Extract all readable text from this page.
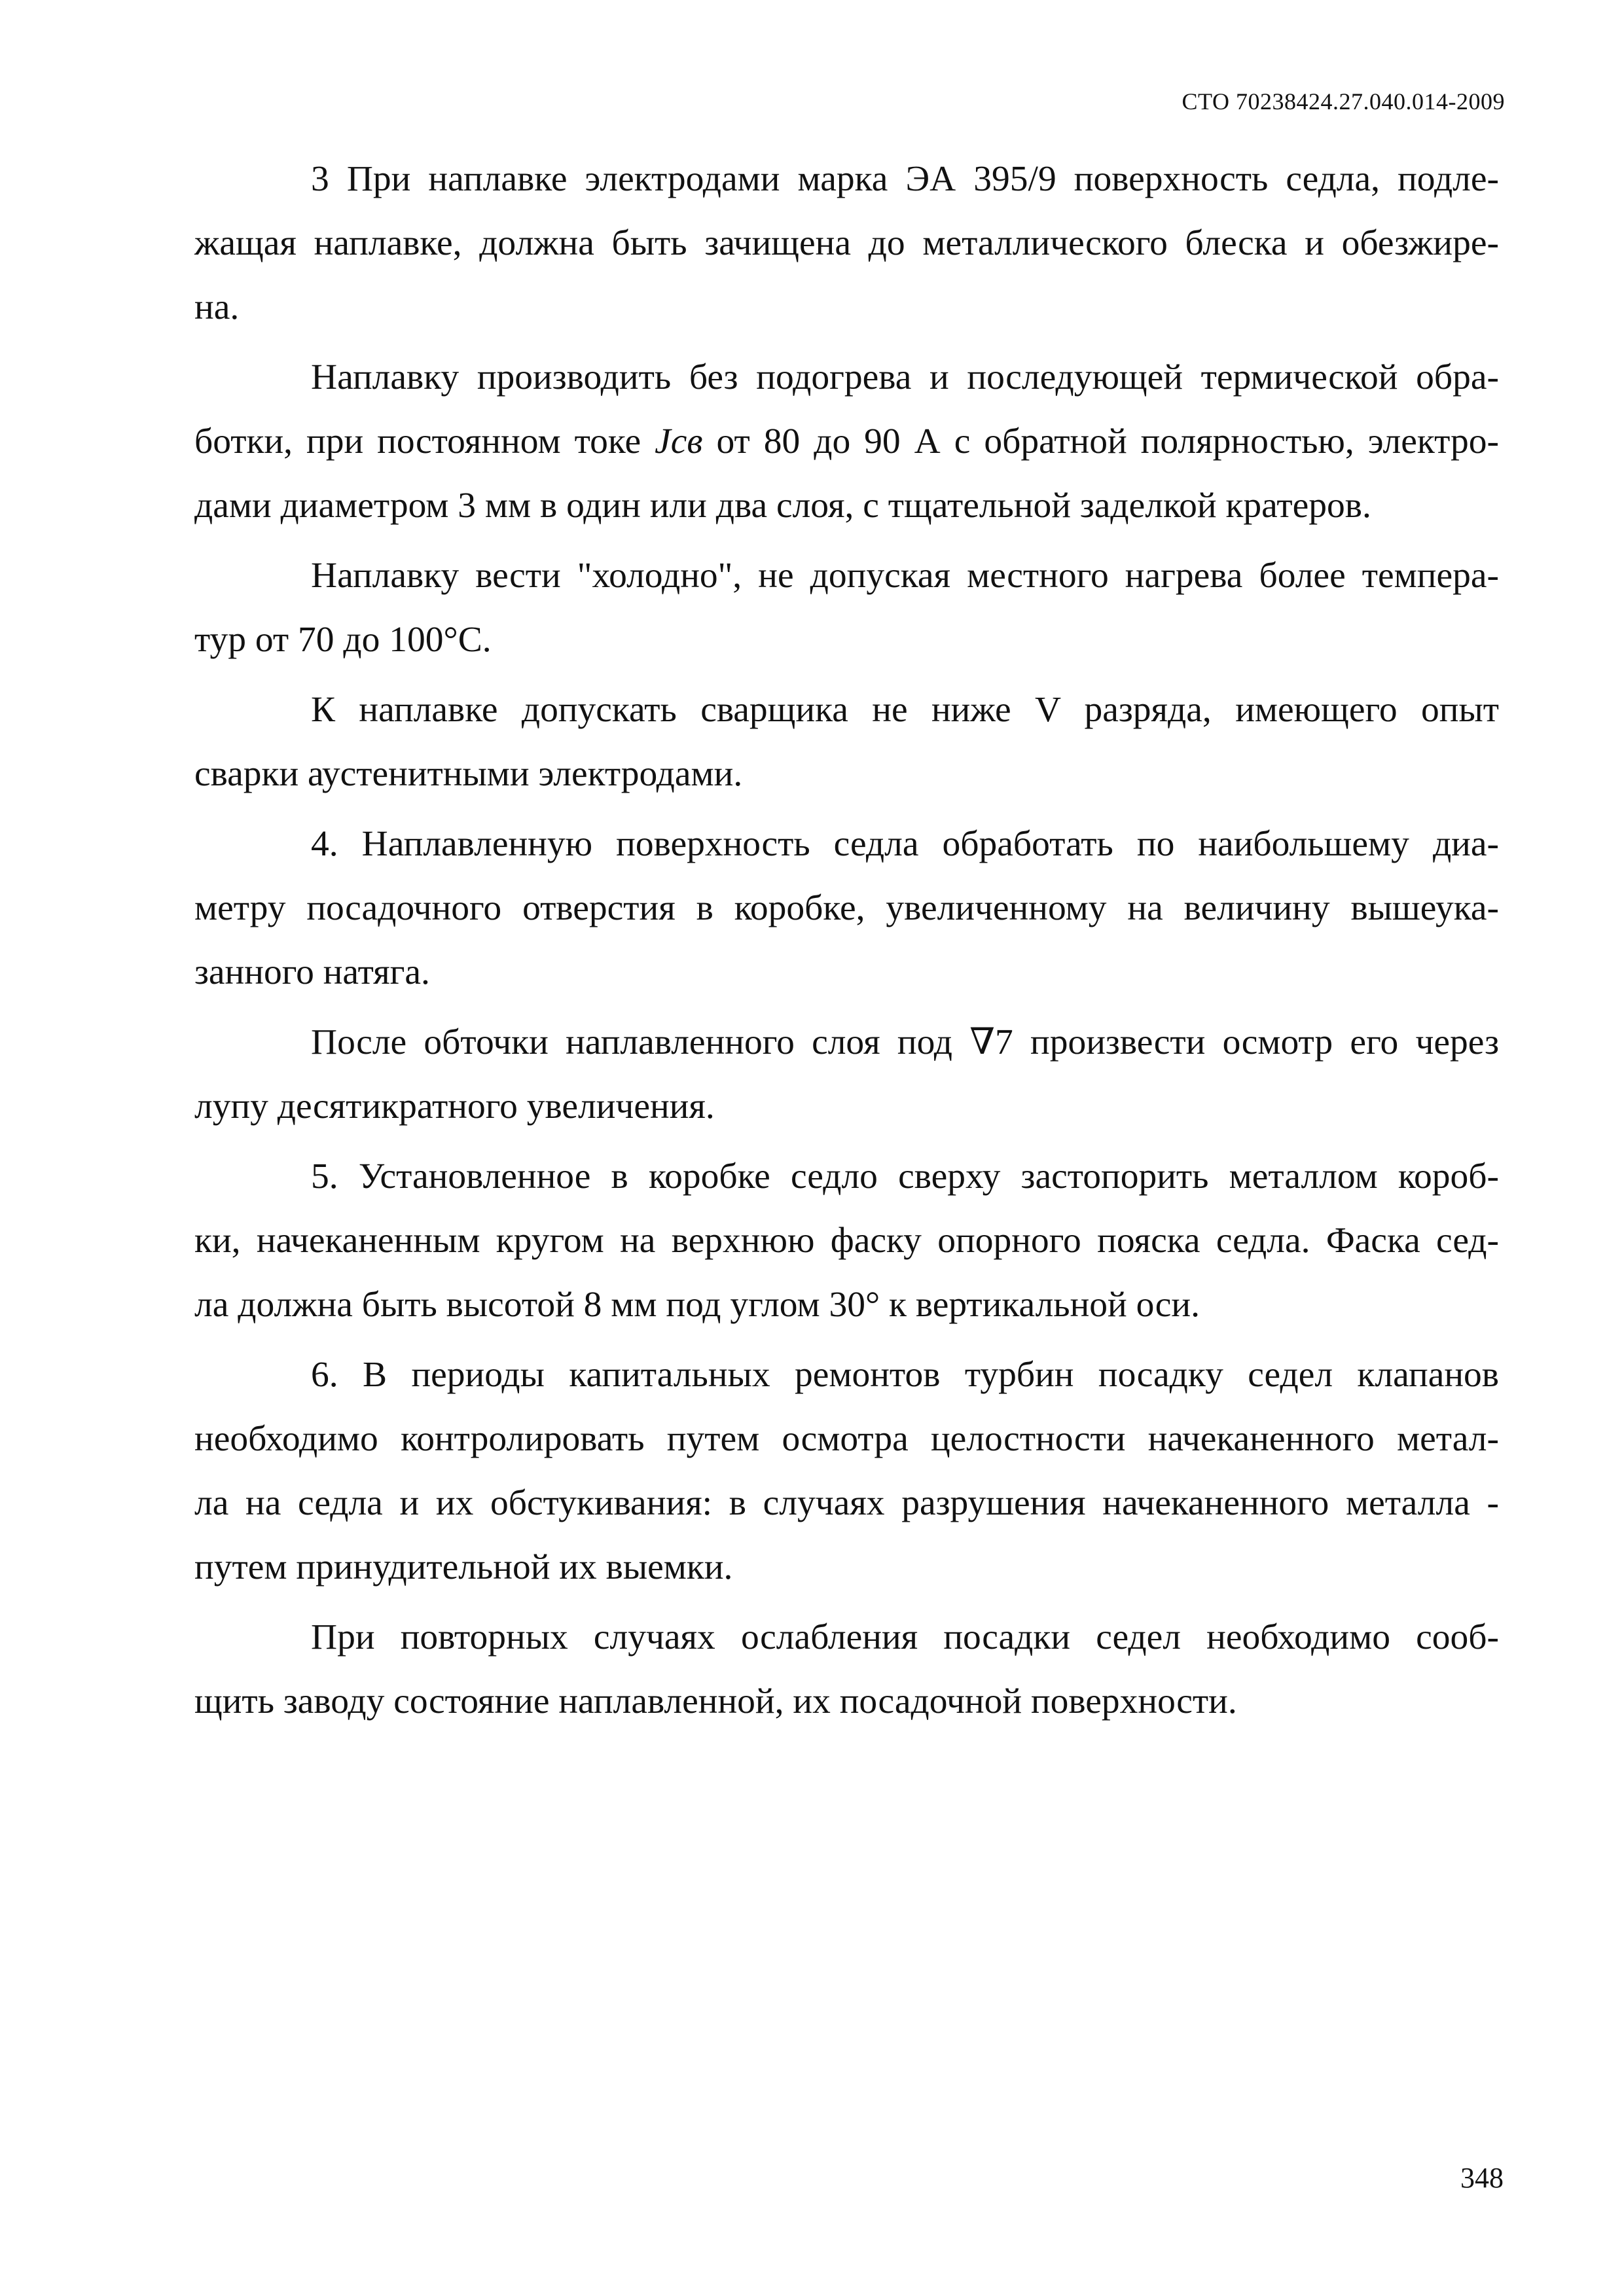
СТО 70238424.27.040.014-2009
3 При наплавке электродами марка ЭА 395/9 поверхность седла, подле-
жащая наплавке, должна быть зачищена до металлического блеска и обезжире-
на.
Наплавку производить без подогрева и последующей термической обра-
ботки, при постоянном токе Jсв от 80 до 90 А с обратной полярностью, электро-
дами диаметром 3 мм в один или два слоя, с тщательной заделкой кратеров.
Наплавку вести "холодно", не допуская местного нагрева более темпера-
тур от 70 до 100°С.
К наплавке допускать сварщика не ниже V разряда, имеющего опыт
сварки аустенитными электродами.
4. Наплавленную поверхность седла обработать по наибольшему диа-
метру посадочного отверстия в коробке, увеличенному на величину вышеука-
занного натяга.
После обточки наплавленного слоя под ∇7 произвести осмотр его через
лупу десятикратного увеличения.
5. Установленное в коробке седло сверху застопорить металлом короб-
ки, начеканенным кругом на верхнюю фаску опорного пояска седла. Фаска сед-
ла должна быть высотой 8 мм под углом 30° к вертикальной оси.
6. В периоды капитальных ремонтов турбин посадку седел клапанов
необходимо контролировать путем осмотра целостности начеканенного метал-
ла на седла и их обстукивания: в случаях разрушения начеканенного металла -
путем принудительной их выемки.
При повторных случаях ослабления посадки седел необходимо сооб-
щить заводу состояние наплавленной, их посадочной поверхности.
348
